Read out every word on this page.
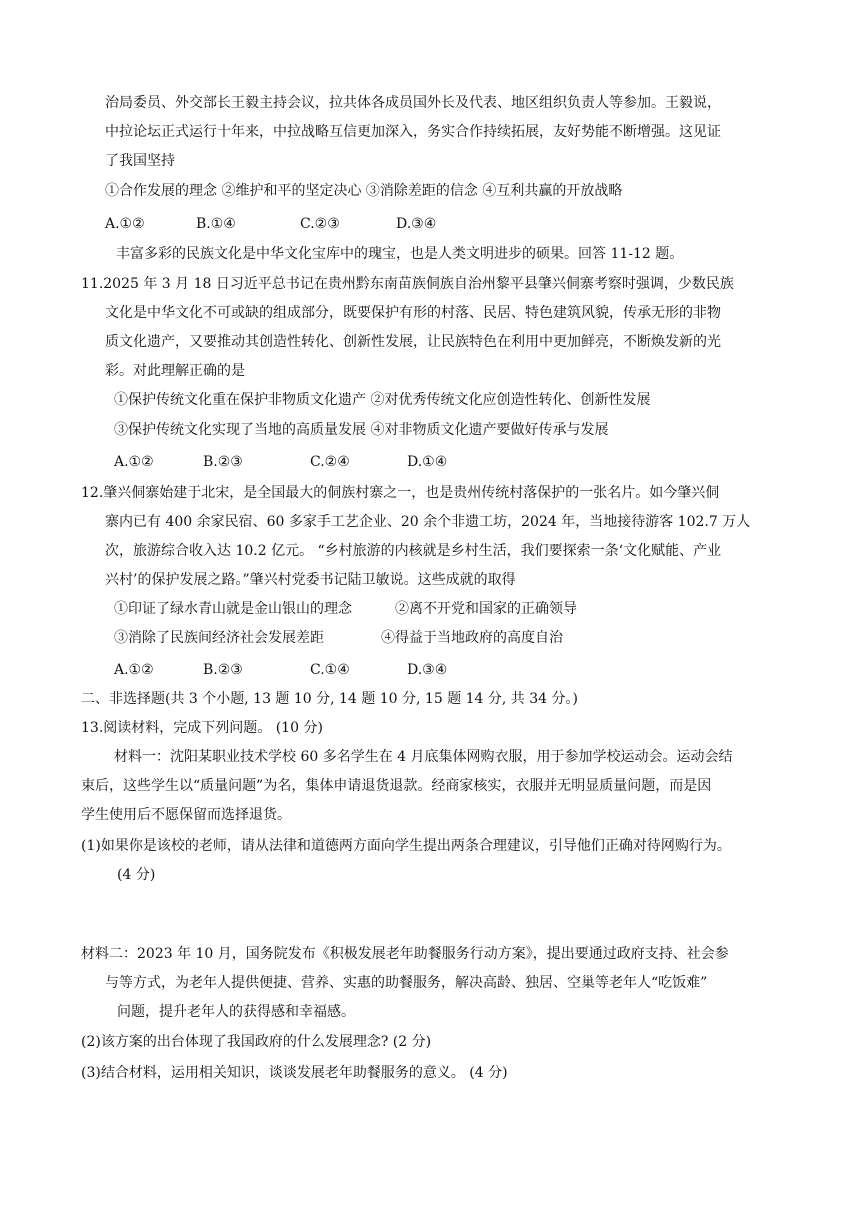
治局委员、外交部长王毅主持会议，拉共体各成员国外长及代表、地区组织负责人等参加。王毅说，
中拉论坛正式运行十年来，中拉战略互信更加深入，务实合作持续拓展，友好势能不断增强。这见证
了我国坚持
①合作发展的理念 ②维护和平的坚定决心 ③消除差距的信念 ④互利共赢的开放战略
A.①②	B.①④	C.②③	D.③④
丰富多彩的民族文化是中华文化宝库中的瑰宝，也是人类文明进步的硕果。回答 11-12 题。
11.2025 年 3 月 18 日习近平总书记在贵州黔东南苗族侗族自治州黎平县肇兴侗寨考察时强调，少数民族
文化是中华文化不可或缺的组成部分，既要保护有形的村落、民居、特色建筑风貌，传承无形的非物
质文化遗产，又要推动其创造性转化、创新性发展，让民族特色在利用中更加鲜亮，不断焕发新的光
彩。对此理解正确的是
①保护传统文化重在保护非物质文化遗产 ②对优秀传统文化应创造性转化、创新性发展
③保护传统文化实现了当地的高质量发展 ④对非物质文化遗产要做好传承与发展
A.①②	B.②③	C.②④	D.①④
12.肇兴侗寨始建于北宋，是全国最大的侗族村寨之一，也是贵州传统村落保护的一张名片。如今肇兴侗
寨内已有 400 余家民宿、60 多家手工艺企业、20 余个非遗工坊，2024 年，当地接待游客 102.7 万人
次，旅游综合收入达 10.2 亿元。 “乡村旅游的内核就是乡村生活，我们要探索一条‘文化赋能、产业
兴村’的保护发展之路。”肇兴村党委书记陆卫敏说。这些成就的取得
①印证了绿水青山就是金山银山的理念	②离不开党和国家的正确领导
③消除了民族间经济社会发展差距	④得益于当地政府的高度自治
A.①②	B.②③	C.①④	D.③④
二、非选择题(共 3 个小题, 13 题 10 分, 14 题 10 分, 15 题 14 分, 共 34 分。)
13.阅读材料，完成下列问题。 (10 分)
材料一：沈阳某职业技术学校 60 多名学生在 4 月底集体网购衣服，用于参加学校运动会。运动会结
束后，这些学生以“质量问题”为名，集体申请退货退款。经商家核实，衣服并无明显质量问题，而是因
学生使用后不愿保留而选择退货。
(1)如果你是该校的老师，请从法律和道德两方面向学生提出两条合理建议，引导他们正确对待网购行为。
(4 分)
材料二：2023 年 10 月，国务院发布《积极发展老年助餐服务行动方案》，提出要通过政府支持、社会参
与等方式，为老年人提供便捷、营养、实惠的助餐服务，解决高龄、独居、空巢等老年人“吃饭难”
问题，提升老年人的获得感和幸福感。
(2)该方案的出台体现了我国政府的什么发展理念? (2 分)
(3)结合材料，运用相关知识，谈谈发展老年助餐服务的意义。 (4 分)
